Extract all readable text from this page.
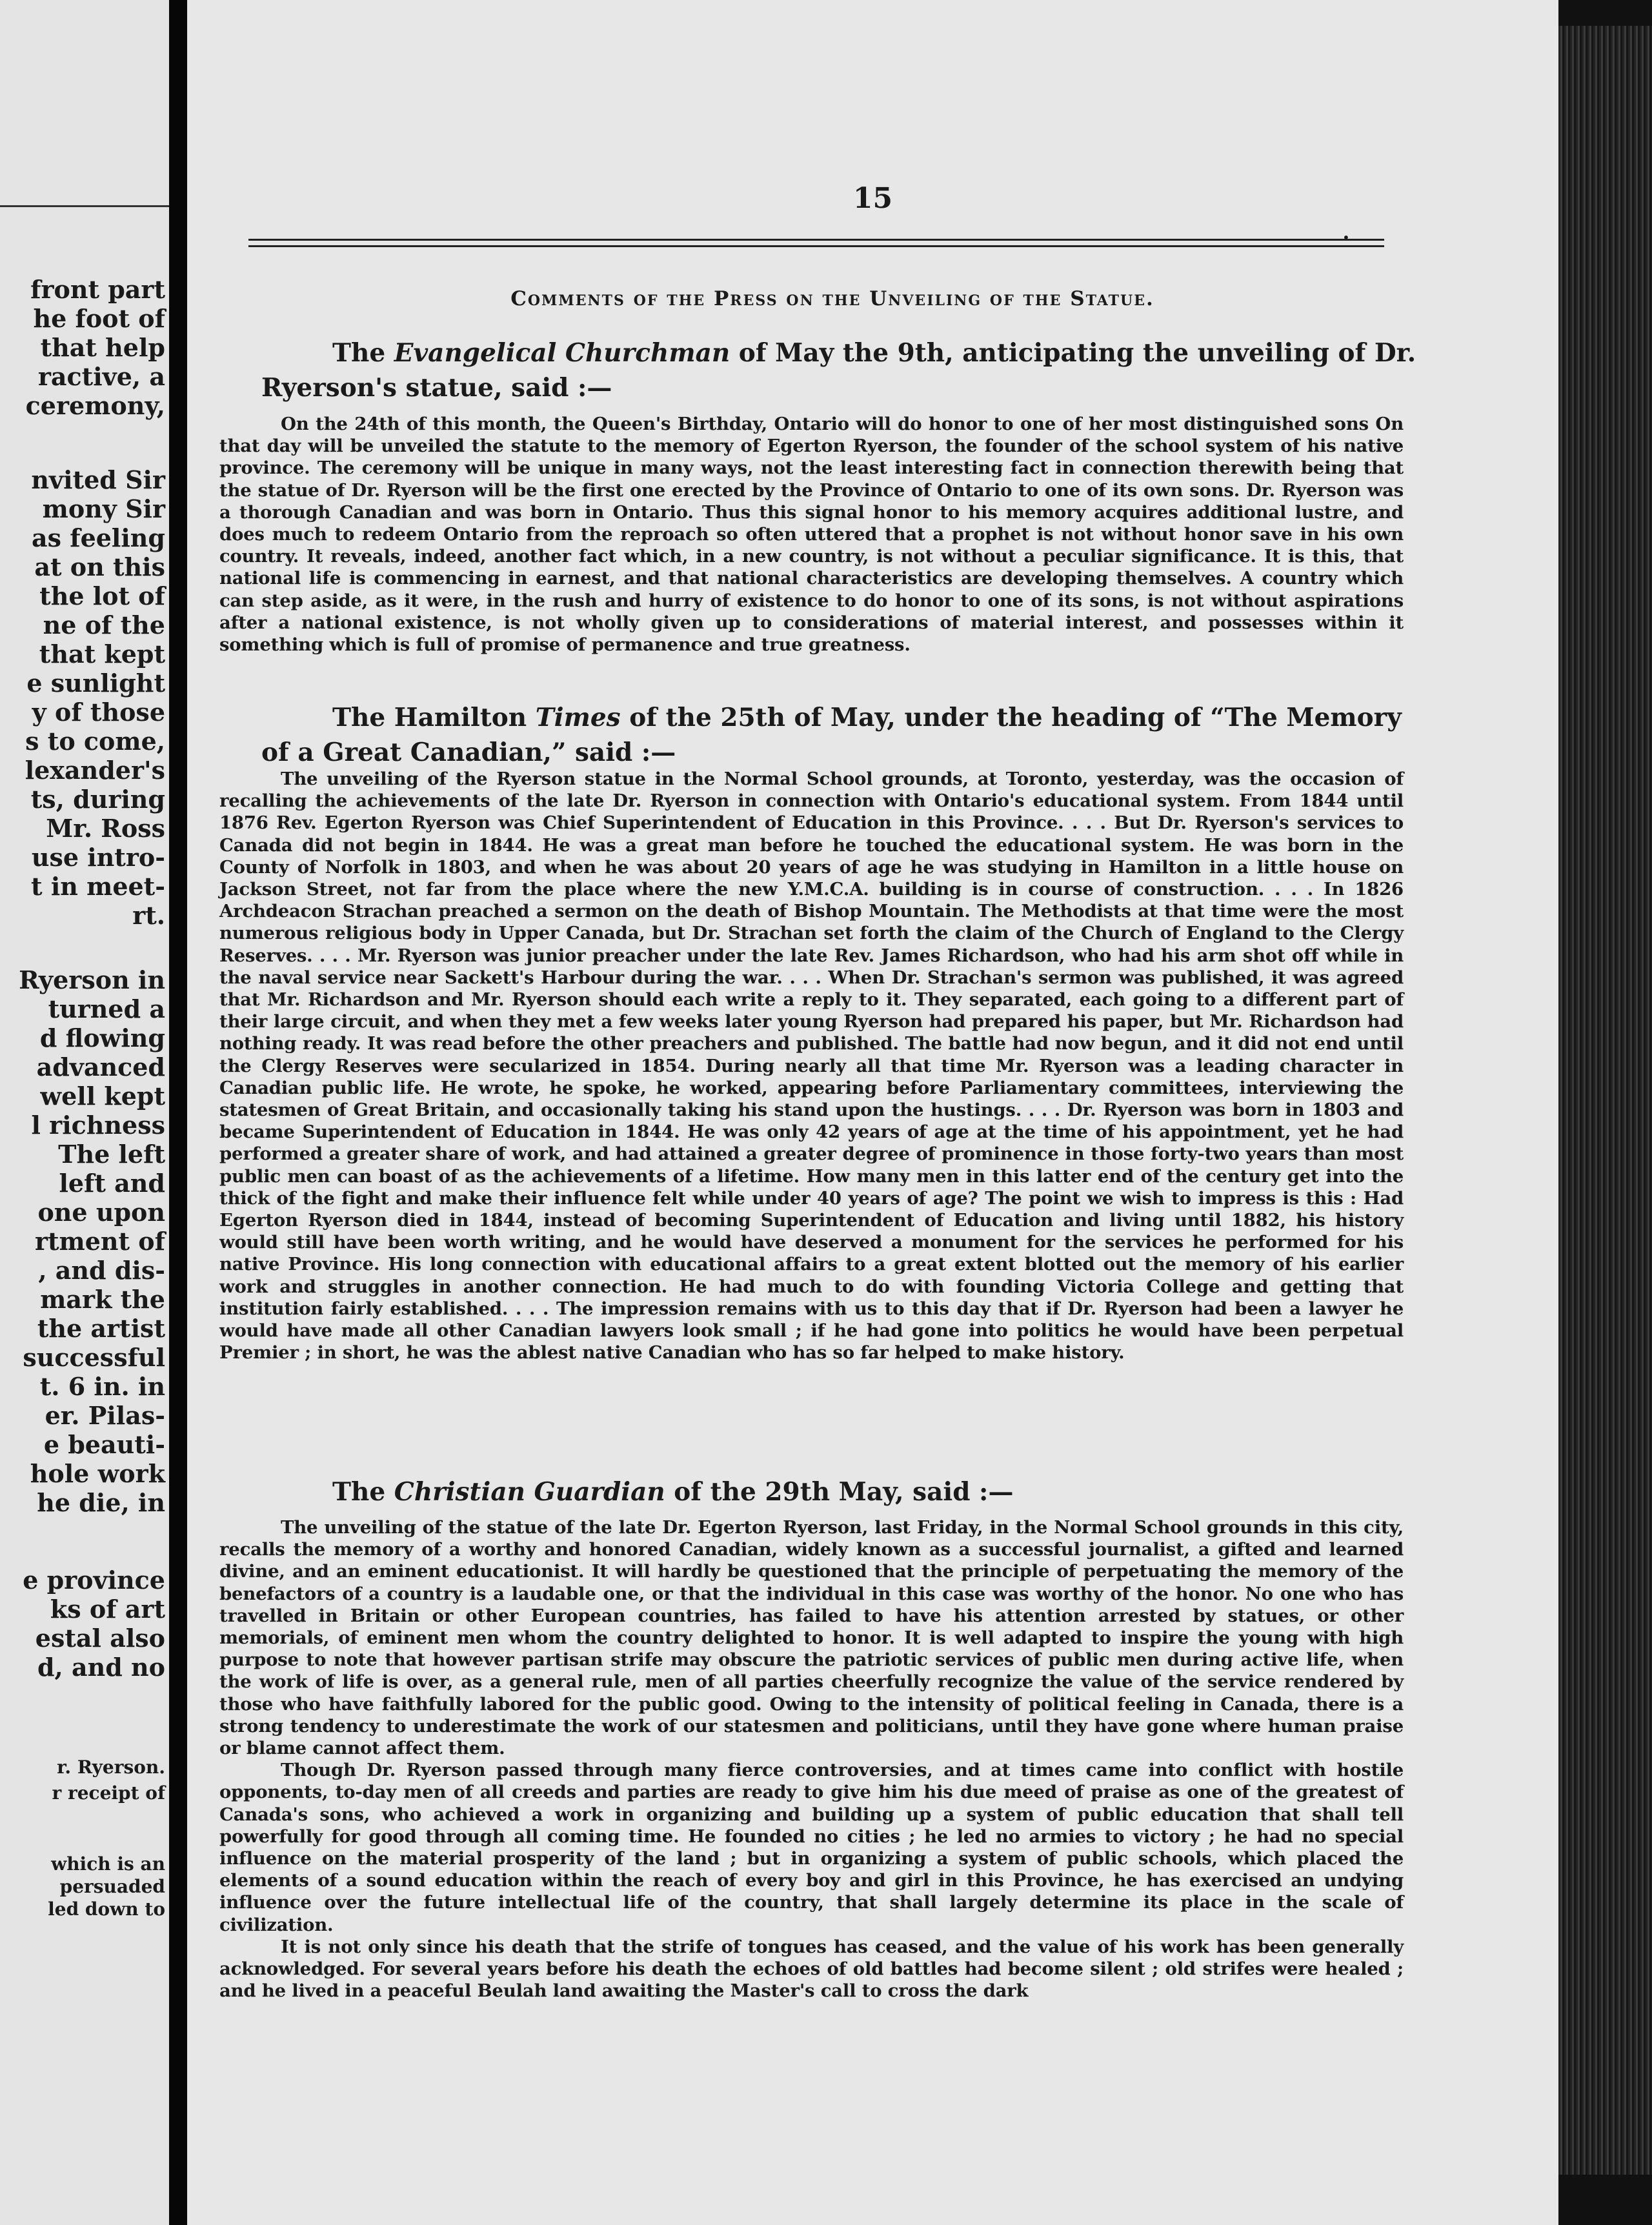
front part
he foot of
that help
ractive, a
ceremony,
nvited Sir
mony Sir
as feeling
at on this
the lot of
ne of the
that kept
e sunlight
y of those
s to come,
lexander's
ts, during
Mr. Ross
use intro-
t in meet-
rt.
Ryerson in
turned a
d flowing
advanced
well kept
l richness
The left
left and
one upon
rtment of
, and dis-
mark the
the artist
successful
t. 6 in. in
er. Pilas-
e beauti-
hole work
he die, in
e province
ks of art
estal also
d, and no
r. Ryerson.
r receipt of
which is an
persuaded
led down to
15
•
Comments of the Press on the Unveiling of the Statue.

The Evangelical Churchman of May the 9th, anticipating the unveiling of Dr. Ryerson's statue, said :—

On the 24th of this month, the Queen's Birthday, Ontario will do honor to one of her most distinguished sons On that day will be unveiled the statute to the memory of Egerton Ryerson, the founder of the school system of his native province. The ceremony will be unique in many ways, not the least interesting fact in connection therewith being that the statue of Dr. Ryerson will be the first one erected by the Province of Ontario to one of its own sons. Dr. Ryerson was a thorough Canadian and was born in Ontario. Thus this signal honor to his memory acquires additional lustre, and does much to redeem Ontario from the reproach so often uttered that a prophet is not without honor save in his own country. It reveals, indeed, another fact which, in a new country, is not without a peculiar significance. It is this, that national life is commencing in earnest, and that national characteristics are developing themselves. A country which can step aside, as it were, in the rush and hurry of existence to do honor to one of its sons, is not without aspirations after a national existence, is not wholly given up to considerations of material interest, and possesses within it something which is full of promise of permanence and true greatness.

The Hamilton Times of the 25th of May, under the heading of “The Memory of a Great Canadian,” said :—

The unveiling of the Ryerson statue in the Normal School grounds, at Toronto, yesterday, was the occasion of recalling the achievements of the late Dr. Ryerson in connection with Ontario's educational system. From 1844 until 1876 Rev. Egerton Ryerson was Chief Superintendent of Education in this Province. . . . But Dr. Ryerson's services to Canada did not begin in 1844. He was a great man before he touched the educational system. He was born in the County of Norfolk in 1803, and when he was about 20 years of age he was studying in Hamilton in a little house on Jackson Street, not far from the place where the new Y.M.C.A. building is in course of construction. . . . In 1826 Archdeacon Strachan preached a sermon on the death of Bishop Mountain. The Methodists at that time were the most numerous religious body in Upper Canada, but Dr. Strachan set forth the claim of the Church of England to the Clergy Reserves. . . . Mr. Ryerson was junior preacher under the late Rev. James Richardson, who had his arm shot off while in the naval service near Sackett's Harbour during the war. . . . When Dr. Strachan's sermon was published, it was agreed that Mr. Richardson and Mr. Ryerson should each write a reply to it. They separated, each going to a different part of their large circuit, and when they met a few weeks later young Ryerson had prepared his paper, but Mr. Richardson had nothing ready. It was read before the other preachers and published. The battle had now begun, and it did not end until the Clergy Reserves were secularized in 1854. During nearly all that time Mr. Ryerson was a leading character in Canadian public life. He wrote, he spoke, he worked, appearing before Parliamentary committees, interviewing the statesmen of Great Britain, and occasionally taking his stand upon the hustings. . . . Dr. Ryerson was born in 1803 and became Superintendent of Education in 1844. He was only 42 years of age at the time of his appointment, yet he had performed a greater share of work, and had attained a greater degree of prominence in those forty-two years than most public men can boast of as the achievements of a lifetime. How many men in this latter end of the century get into the thick of the fight and make their influence felt while under 40 years of age? The point we wish to impress is this : Had Egerton Ryerson died in 1844, instead of becoming Superintendent of Education and living until 1882, his history would still have been worth writing, and he would have deserved a monument for the services he performed for his native Province. His long connection with educational affairs to a great extent blotted out the memory of his earlier work and struggles in another connection. He had much to do with founding Victoria College and getting that institution fairly established. . . . The impression remains with us to this day that if Dr. Ryerson had been a lawyer he would have made all other Canadian lawyers look small ; if he had gone into politics he would have been perpetual Premier ; in short, he was the ablest native Canadian who has so far helped to make history.

The Christian Guardian of the 29th May, said :—

The unveiling of the statue of the late Dr. Egerton Ryerson, last Friday, in the Normal School grounds in this city, recalls the memory of a worthy and honored Canadian, widely known as a successful journalist, a gifted and learned divine, and an eminent educationist. It will hardly be questioned that the principle of perpetuating the memory of the benefactors of a country is a laudable one, or that the individual in this case was worthy of the honor. No one who has travelled in Britain or other European countries, has failed to have his attention arrested by statues, or other memorials, of eminent men whom the country delighted to honor. It is well adapted to inspire the young with high purpose to note that however partisan strife may obscure the patriotic services of public men during active life, when the work of life is over, as a general rule, men of all parties cheerfully recognize the value of the service rendered by those who have faithfully labored for the public good. Owing to the intensity of political feeling in Canada, there is a strong tendency to underestimate the work of our statesmen and politicians, until they have gone where human praise or blame cannot affect them.

Though Dr. Ryerson passed through many fierce controversies, and at times came into conflict with hostile opponents, to-day men of all creeds and parties are ready to give him his due meed of praise as one of the greatest of Canada's sons, who achieved a work in organizing and building up a system of public education that shall tell powerfully for good through all coming time. He founded no cities ; he led no armies to victory ; he had no special influence on the material prosperity of the land ; but in organizing a system of public schools, which placed the elements of a sound education within the reach of every boy and girl in this Province, he has exercised an undying influence over the future intellectual life of the country, that shall largely determine its place in the scale of civilization.

It is not only since his death that the strife of tongues has ceased, and the value of his work has been generally acknowledged. For several years before his death the echoes of old battles had become silent ; old strifes were healed ; and he lived in a peaceful Beulah land awaiting the Master's call to cross the dark
